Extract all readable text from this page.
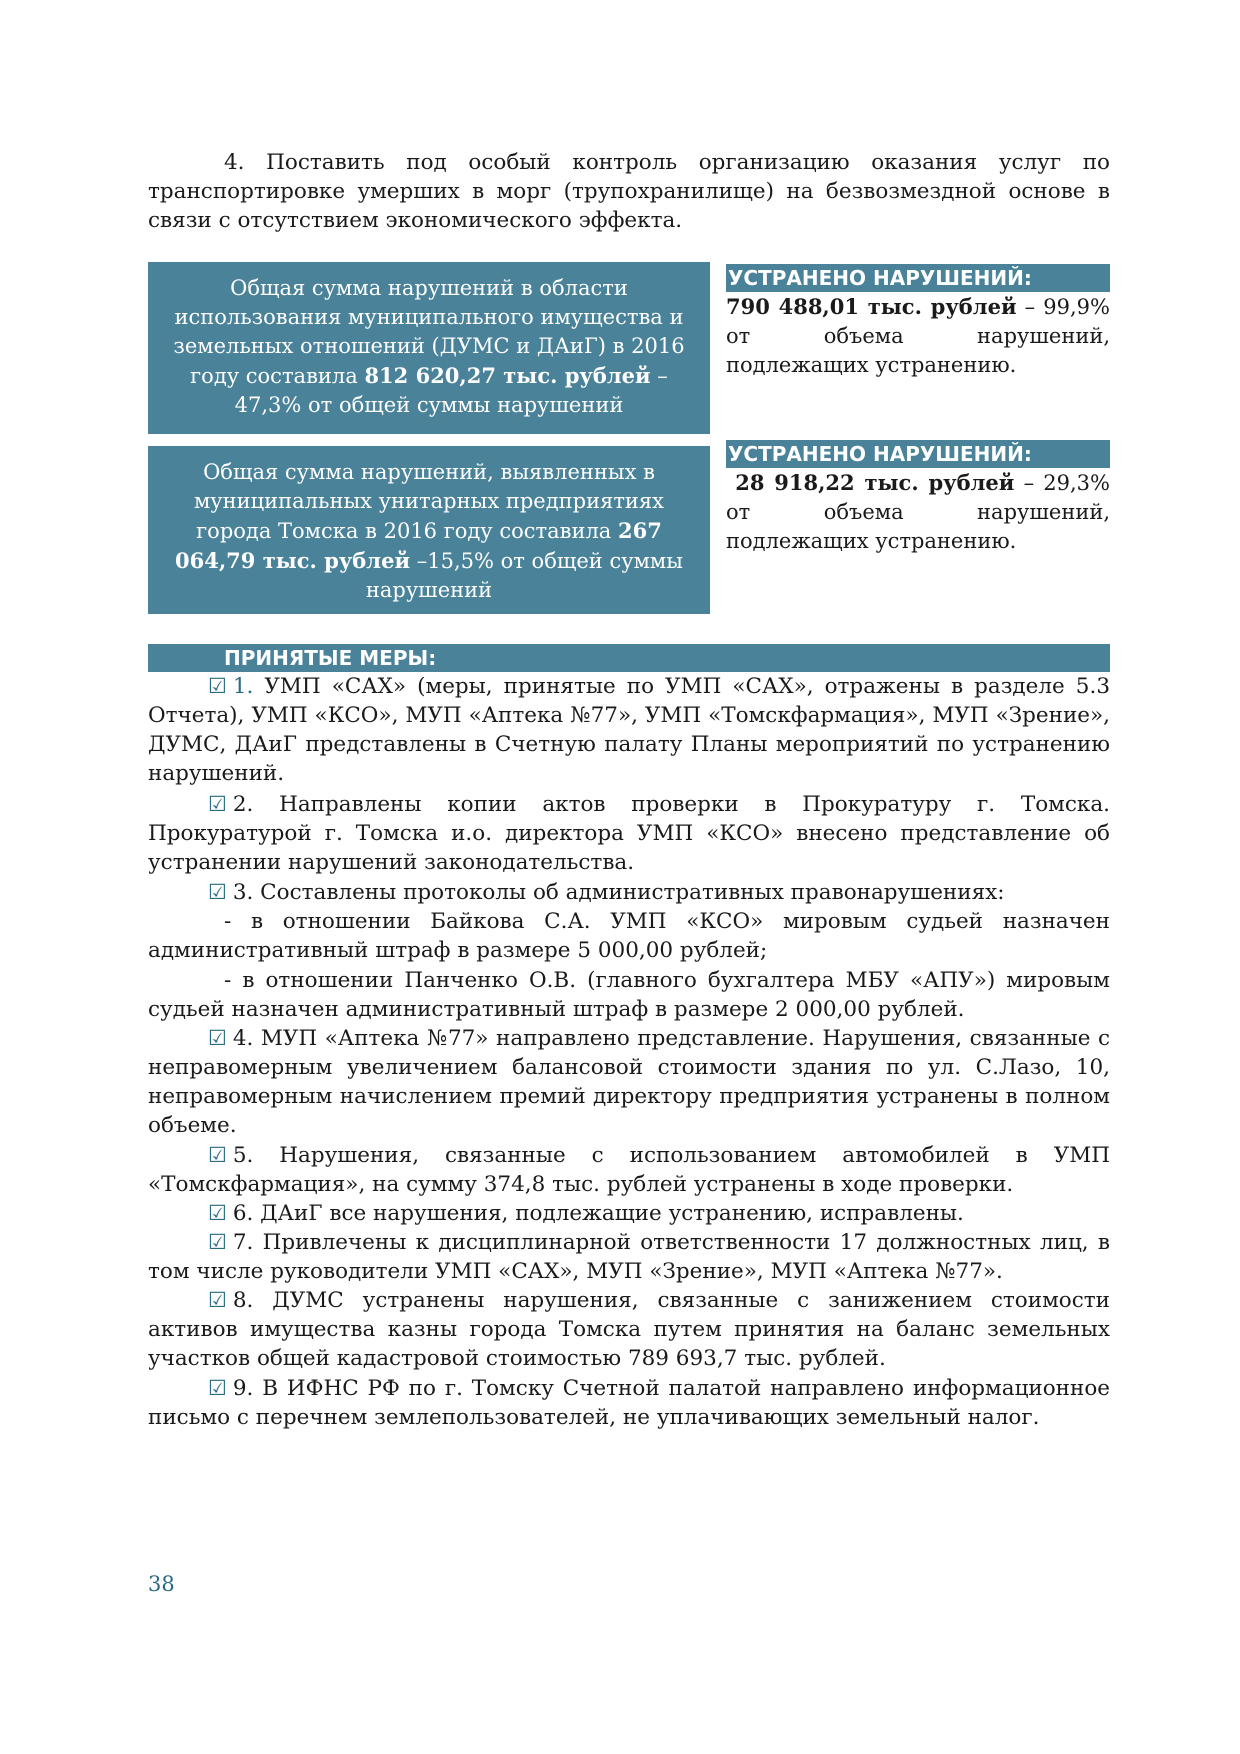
4. Поставить под особый контроль организацию оказания услуг по транспортировке умерших в морг (трупохранилище) на безвозмездной основе в связи с отсутствием экономического эффекта.
Общая сумма нарушений в области использования муниципального имущества и земельных отношений (ДУМС и ДАиГ) в 2016 году составила 812 620,27 тыс. рублей – 47,3% от общей суммы нарушений
УСТРАНЕНО НАРУШЕНИЙ:
790 488,01 тыс. рублей – 99,9% от объема нарушений, подлежащих устранению.
Общая сумма нарушений, выявленных в муниципальных унитарных предприятиях города Томска в 2016 году составила 267 064,79 тыс. рублей –15,5% от общей суммы нарушений
УСТРАНЕНО НАРУШЕНИЙ:
28 918,22 тыс. рублей – 29,3% от объема нарушений, подлежащих устранению.
ПРИНЯТЫЕ МЕРЫ:
☑ 1. УМП «САХ» (меры, принятые по УМП «САХ», отражены в разделе 5.3 Отчета), УМП «КСО», МУП «Аптека №77», УМП «Томскфармация», МУП «Зрение», ДУМС, ДАиГ представлены в Счетную палату Планы мероприятий по устранению нарушений.
☑ 2. Направлены копии актов проверки в Прокуратуру г. Томска. Прокуратурой г. Томска и.о. директора УМП «КСО» внесено представление об устранении нарушений законодательства.
☑ 3. Составлены протоколы об административных правонарушениях:
- в отношении Байкова С.А. УМП «КСО» мировым судьей назначен административный штраф в размере 5 000,00 рублей;
- в отношении Панченко О.В. (главного бухгалтера МБУ «АПУ») мировым судьей назначен административный штраф в размере 2 000,00 рублей.
☑ 4. МУП «Аптека №77» направлено представление. Нарушения, связанные с неправомерным увеличением балансовой стоимости здания по ул. С.Лазо, 10, неправомерным начислением премий директору предприятия устранены в полном объеме.
☑ 5. Нарушения, связанные с использованием автомобилей в УМП «Томскфармация», на сумму 374,8 тыс. рублей устранены в ходе проверки.
☑ 6. ДАиГ все нарушения, подлежащие устранению, исправлены.
☑ 7. Привлечены к дисциплинарной ответственности 17 должностных лиц, в том числе руководители УМП «САХ», МУП «Зрение», МУП «Аптека №77».
☑ 8. ДУМС устранены нарушения, связанные с занижением стоимости активов имущества казны города Томска путем принятия на баланс земельных участков общей кадастровой стоимостью 789 693,7 тыс. рублей.
☑ 9. В ИФНС РФ по г. Томску Счетной палатой направлено информационное письмо с перечнем землепользователей, не уплачивающих земельный налог.
38
